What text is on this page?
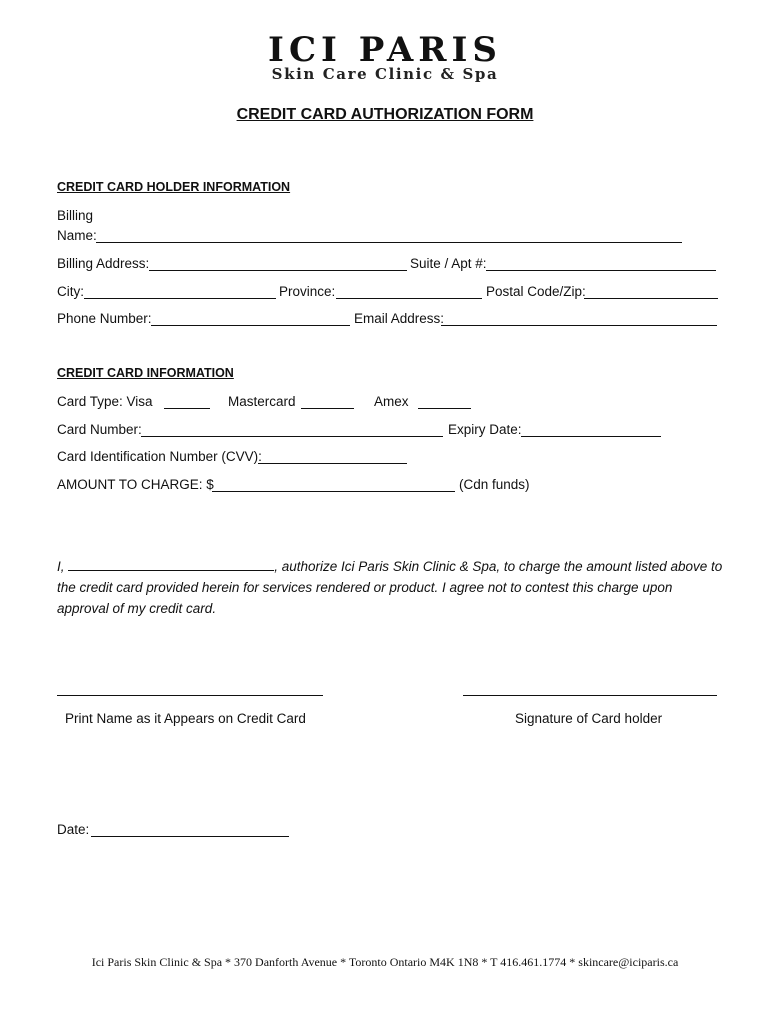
ICI PARIS
Skin Care Clinic & Spa
CREDIT CARD AUTHORIZATION FORM
CREDIT CARD HOLDER INFORMATION
Billing
Name:
Billing Address:	Suite / Apt #:
City:	Province:	Postal Code/Zip:
Phone Number:	Email Address:
CREDIT CARD INFORMATION
Card Type: Visa	Mastercard	Amex
Card Number:	Expiry Date:
Card Identification Number (CVV):
AMOUNT TO CHARGE: $	(Cdn funds)
I,	, authorize Ici Paris Skin Clinic & Spa, to charge the amount listed above to the credit card provided herein for services rendered or product. I agree not to contest this charge upon approval of my credit card.
Print Name as it Appears on Credit Card	Signature of Card holder
Date:
Ici Paris Skin Clinic & Spa * 370 Danforth Avenue * Toronto Ontario M4K 1N8 * T 416.461.1774 * skincare@iciparis.ca
